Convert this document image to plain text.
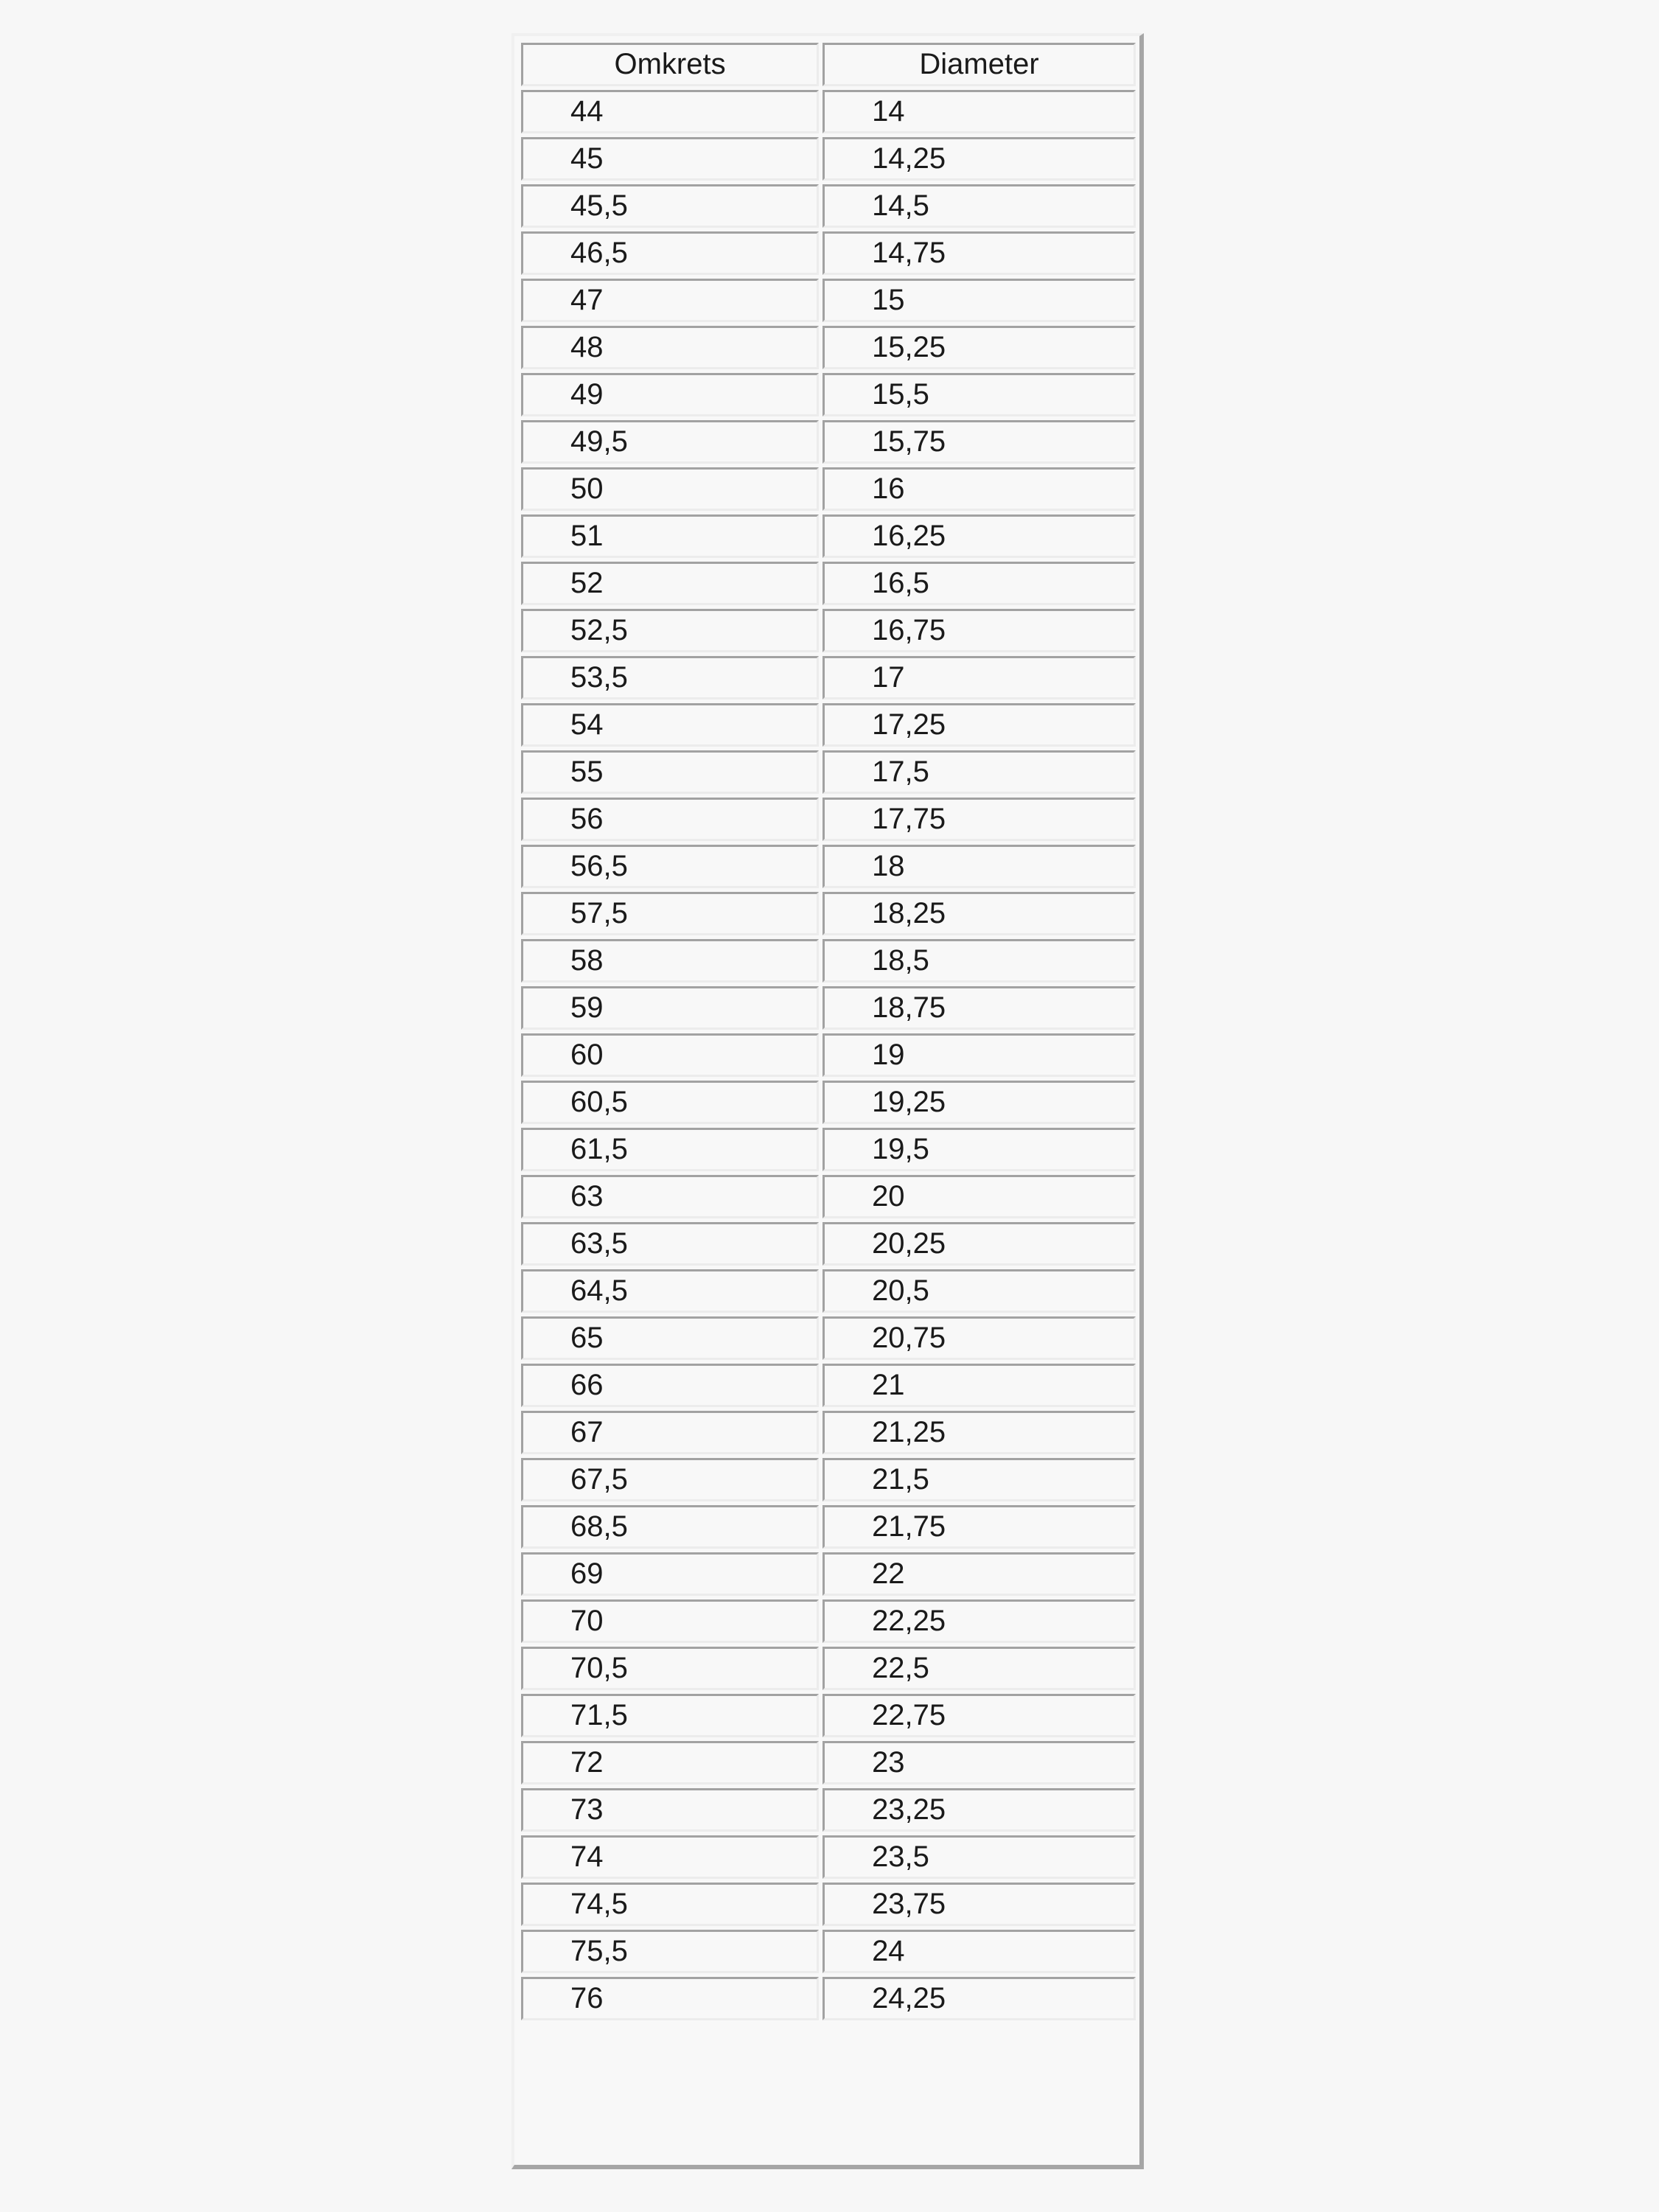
Omkrets	Diameter
44	14
45	14,25
45,5	14,5
46,5	14,75
47	15
48	15,25
49	15,5
49,5	15,75
50	16
51	16,25
52	16,5
52,5	16,75
53,5	17
54	17,25
55	17,5
56	17,75
56,5	18
57,5	18,25
58	18,5
59	18,75
60	19
60,5	19,25
61,5	19,5
63	20
63,5	20,25
64,5	20,5
65	20,75
66	21
67	21,25
67,5	21,5
68,5	21,75
69	22
70	22,25
70,5	22,5
71,5	22,75
72	23
73	23,25
74	23,5
74,5	23,75
75,5	24
76	24,25
